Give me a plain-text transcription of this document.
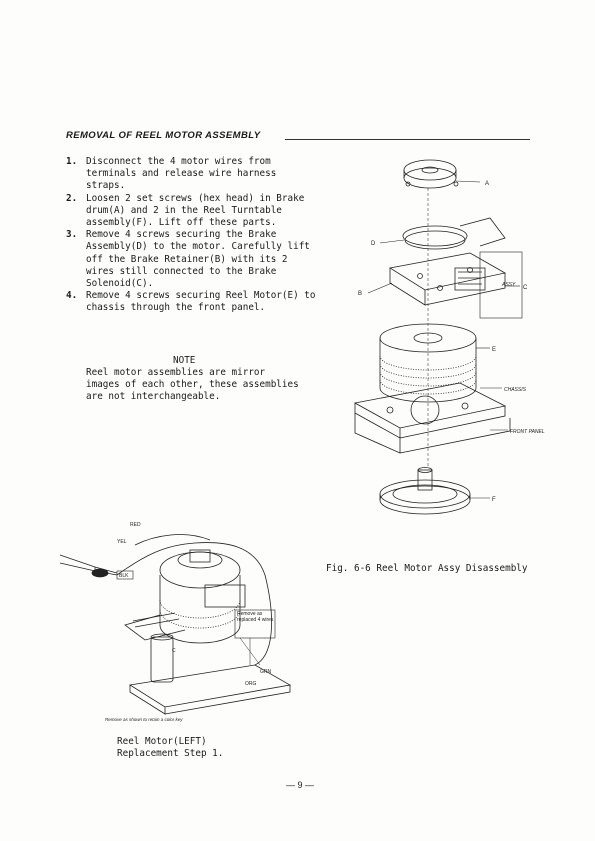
REMOVAL OF REEL MOTOR ASSEMBLY
1. Disconnect the 4 motor wires from terminals and release wire harness straps.
2. Loosen 2 set screws (hex head) in Brake drum(A) and 2 in the Reel Turntable assembly(F). Lift off these parts.
3. Remove 4 screws securing the Brake Assembly(D) to the motor. Carefully lift off the Brake Retainer(B) with its 2 wires still connected to the Brake Solenoid(C).
4. Remove 4 screws securing Reel Motor(E) to chassis through the front panel.
NOTE
Reel motor assemblies are mirror images of each other, these assemblies are not interchangeable.
A
D
B
C
ASSY
E
CHASSIS
FRONT PANEL
F
Fig. 6-6 Reel Motor Assy Disassembly
RED
YEL
BLK
C
Remove as replaced 4 wires
GRN
ORG
Remove as shown to retain a color key
Reel Motor(LEFT)
Replacement Step 1.
— 9 —
